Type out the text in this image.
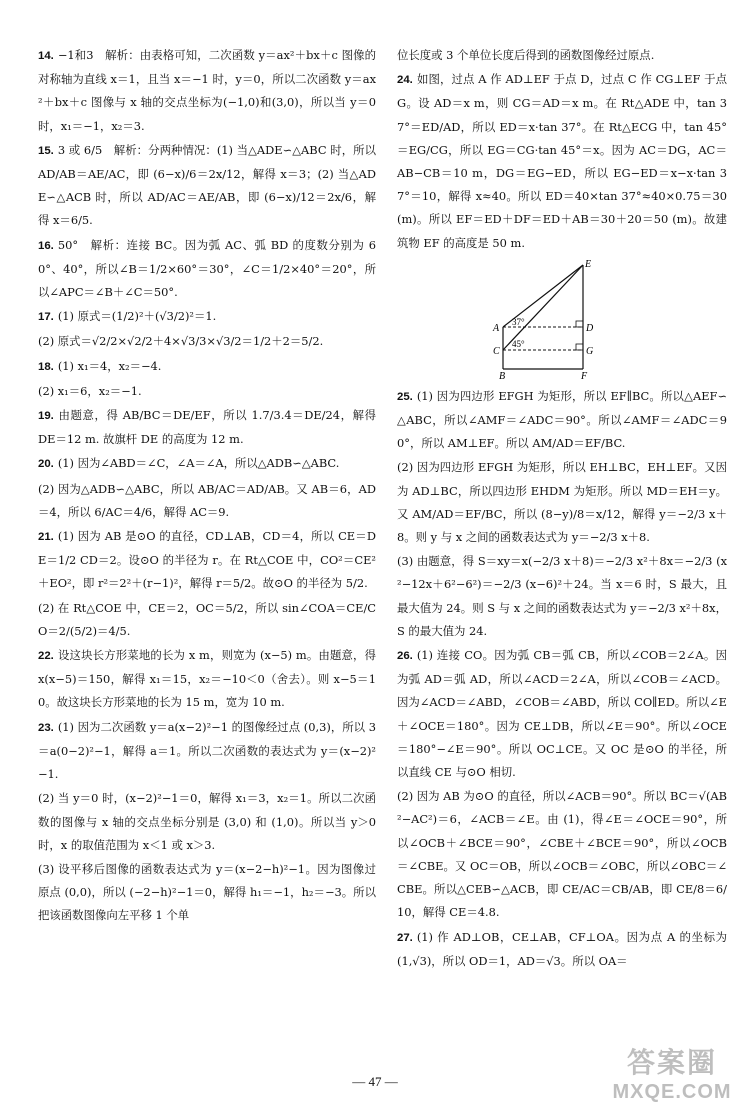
14. −1和3　解析：由表格可知，二次函数 y＝ax²＋bx＋c 图像的对称轴为直线 x＝1，且当 x＝−1 时，y＝0，所以二次函数 y＝ax²＋bx＋c 图像与 x 轴的交点坐标为(−1,0)和(3,0)，所以当 y＝0 时，x₁＝−1，x₂＝3.

15. 3 或 6/5　解析：分两种情况：(1) 当△ADE∽△ABC 时，所以 AD/AB＝AE/AC，即 (6−x)/6＝2x/12，解得 x＝3；(2) 当△ADE∽△ACB 时，所以 AD/AC＝AE/AB，即 (6−x)/12＝2x/6，解得 x＝6/5.

16. 50°　解析：连接 BC。因为弧 AC、弧 BD 的度数分别为 60°、40°，所以∠B＝1/2×60°＝30°，∠C＝1/2×40°＝20°，所以∠APC＝∠B＋∠C＝50°.

17. (1) 原式＝(1/2)²＋(√3/2)²＝1.

(2) 原式＝√2/2×√2/2＋4×√3/3×√3/2＝1/2＋2＝5/2.

18. (1) x₁＝4，x₂＝−4.

(2) x₁＝6，x₂＝−1.

19. 由题意，得 AB/BC＝DE/EF，所以 1.7/3.4＝DE/24，解得 DE＝12 m. 故旗杆 DE 的高度为 12 m.

20. (1) 因为∠ABD＝∠C，∠A＝∠A，所以△ADB∽△ABC.

(2) 因为△ADB∽△ABC，所以 AB/AC＝AD/AB。又 AB＝6，AD＝4，所以 6/AC＝4/6，解得 AC＝9.

21. (1) 因为 AB 是⊙O 的直径，CD⊥AB，CD＝4，所以 CE＝DE＝1/2 CD＝2。设⊙O 的半径为 r。在 Rt△COE 中，CO²＝CE²＋EO²，即 r²＝2²＋(r−1)²，解得 r＝5/2。故⊙O 的半径为 5/2.

(2) 在 Rt△COE 中，CE＝2，OC＝5/2，所以 sin∠COA＝CE/CO＝2/(5/2)＝4/5.

22. 设这块长方形菜地的长为 x m，则宽为 (x−5) m。由题意，得 x(x−5)＝150，解得 x₁＝15，x₂＝−10＜0（舍去）。则 x−5＝10。故这块长方形菜地的长为 15 m，宽为 10 m.

23. (1) 因为二次函数 y＝a(x−2)²−1 的图像经过点 (0,3)，所以 3＝a(0−2)²−1，解得 a＝1。所以二次函数的表达式为 y＝(x−2)²−1.

(2) 当 y＝0 时，(x−2)²−1＝0，解得 x₁＝3，x₂＝1。所以二次函数的图像与 x 轴的交点坐标分别是 (3,0) 和 (1,0)。所以当 y＞0 时，x 的取值范围为 x＜1 或 x＞3.

(3) 设平移后图像的函数表达式为 y＝(x−2−h)²−1。因为图像过原点 (0,0)，所以 (−2−h)²−1＝0，解得 h₁＝−1，h₂＝−3。所以把该函数图像向左平移 1 个单

位长度或 3 个单位长度后得到的函数图像经过原点.

24. 如图，过点 A 作 AD⊥EF 于点 D，过点 C 作 CG⊥EF 于点 G。设 AD＝x m，则 CG＝AD＝x m。在 Rt△ADE 中，tan 37°＝ED/AD，所以 ED＝x·tan 37°。在 Rt△ECG 中，tan 45°＝EG/CG，所以 EG＝CG·tan 45°＝x。因为 AC＝DG，AC＝AB−CB＝10 m，DG＝EG−ED，所以 EG−ED＝x−x·tan 37°＝10，解得 x≈40。所以 ED＝40×tan 37°≈40×0.75＝30 (m)。所以 EF＝ED＋DF＝ED＋AB＝30＋20＝50 (m)。故建筑物 EF 的高度是 50 m.

E
A	D
C	G
B	F
37°
45°

25. (1) 因为四边形 EFGH 为矩形，所以 EF∥BC。所以△AEF∽△ABC，所以∠AMF＝∠ADC＝90°。所以∠AMF＝∠ADC＝90°，所以 AM⊥EF。所以 AM/AD＝EF/BC.

(2) 因为四边形 EFGH 为矩形，所以 EH⊥BC，EH⊥EF。又因为 AD⊥BC，所以四边形 EHDM 为矩形。所以 MD＝EH＝y。又 AM/AD＝EF/BC，所以 (8−y)/8＝x/12，解得 y＝−2/3 x＋8。则 y 与 x 之间的函数表达式为 y＝−2/3 x＋8.

(3) 由题意，得 S＝xy＝x(−2/3 x＋8)＝−2/3 x²＋8x＝−2/3 (x²−12x＋6²−6²)＝−2/3 (x−6)²＋24。当 x＝6 时，S 最大，且最大值为 24。则 S 与 x 之间的函数表达式为 y＝−2/3 x²＋8x，S 的最大值为 24.

26. (1) 连接 CO。因为弧 CB＝弧 CB，所以∠COB＝2∠A。因为弧 AD＝弧 AD，所以∠ACD＝2∠A，所以∠COB＝∠ACD。因为∠ACD＝∠ABD，∠COB＝∠ABD，所以 CO∥ED。所以∠E＋∠OCE＝180°。因为 CE⊥DB，所以∠E＝90°。所以∠OCE＝180°−∠E＝90°。所以 OC⊥CE。又 OC 是⊙O 的半径，所以直线 CE 与⊙O 相切.

(2) 因为 AB 为⊙O 的直径，所以∠ACB＝90°。所以 BC＝√(AB²−AC²)＝6，∠ACB＝∠E。由 (1)，得∠E＝∠OCE＝90°，所以∠OCB＋∠BCE＝90°，∠CBE＋∠BCE＝90°，所以∠OCB＝∠CBE。又 OC＝OB，所以∠OCB＝∠OBC，所以∠OBC＝∠CBE。所以△CEB∽△ACB，即 CE/AC＝CB/AB，即 CE/8＝6/10，解得 CE＝4.8.

27. (1) 作 AD⊥OB，CE⊥AB，CF⊥OA。因为点 A 的坐标为 (1,√3)，所以 OD＝1，AD＝√3。所以 OA＝

— 47 —
答案圈
MXQE.COM
